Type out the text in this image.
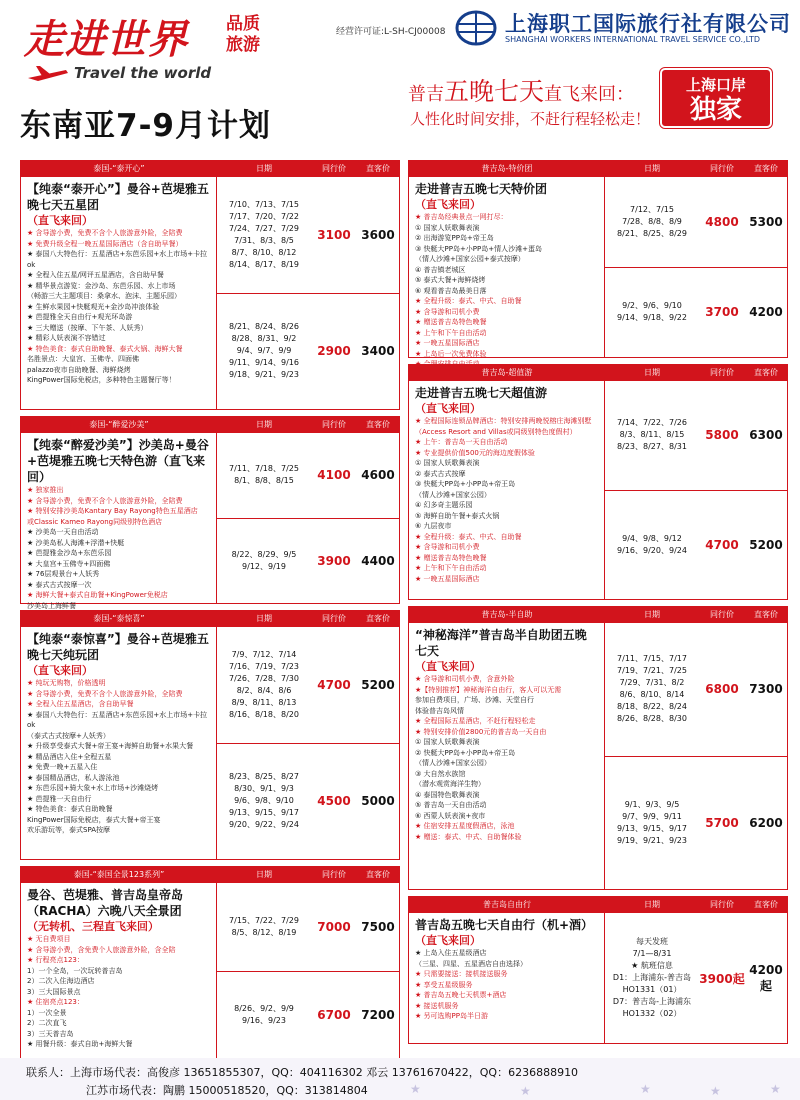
走进世界 品质
旅游
Travel the world
经营许可证:L-SH-CJ00008	上海职工国际旅行社有限公司
SHANGHAI WORKERS INTERNATIONAL TRAVEL SERVICE CO.,LTD
东南亚7-9月计划
普吉五晚七天直飞来回：
人性化时间安排，不赶行程轻松走！
上海口岸
独家
泰国-“泰开心”	日期	同行价	直客价
【纯泰“泰开心”】曼谷+芭堤雅五晚七天五星团
（直飞来回）
★ 含导游小费，免费不含个人旅游意外险，全陪费
★ 免费升级全程一晚五星国际酒店（含自助早餐）
★ 泰国八大特色行：五星酒店+东芭乐园+水上市场+卡拉ok
★ 全程入住五星/网评五星酒店，含自助早餐
★ 精华景点游览：金沙岛、东芭乐园、水上市场
（畅游三大主题项目：桑拿水、泡沫、主题乐园）
★ 生鲜水果园+快艇观光+金沙岛冲浪体验
★ 芭提雅全天自由行+观光环岛游
★ 三大赠送（按摩、下午茶、人妖秀）
★ 精彩人妖表演不容错过
★ 特色美食：泰式自助晚餐、泰式火锅、海鲜大餐
名胜景点：大皇宫、玉佛寺、四面佛
palazzo夜市自助晚餐、海鲜烧烤
KingPower国际免税店，多种特色主题餐厅等！
7/10、7/13、7/15
7/17、7/20、7/22
7/24、7/27、7/29
7/31、8/3、8/5
8/7、8/10、8/12
8/14、8/17、8/19
3100 3600
8/21、8/24、8/26
8/28、8/31、9/2
9/4、9/7、9/9
9/11、9/14、9/16
9/18、9/21、9/23
2900 3400
泰国-“醉爱沙美”	日期	同行价	直客价
【纯泰“醉爱沙美”】沙美岛+曼谷+芭堤雅五晚七天特色游（直飞来回）
★ 独家推出
★ 含导游小费，免费不含个人旅游意外险，全陪费
★ 特别安排沙美岛Kantary Bay Rayong特色五星酒店
或Classic Kameo Rayong同级别特色酒店
★ 沙美岛一天自由活动
★ 沙美岛私人海滩+浮潜+快艇
★ 芭提雅金沙岛+东芭乐园
★ 大皇宫+玉佛寺+四面佛
★ 76层观景台+人妖秀
★ 泰式古式按摩一次
★ 海鲜大餐+泰式自助餐+KingPower免税店
沙美岛上海鲜餐
7/11、7/18、7/25
8/1、8/8、8/15	4100 4600
8/22、8/29、9/5
9/12、9/19	3900 4400
泰国-“泰惊喜”	日期	同行价	直客价
【纯泰“泰惊喜”】曼谷+芭堤雅五晚七天纯玩团
（直飞来回）
★ 纯玩无购物，价格透明
★ 含导游小费，免费不含个人旅游意外险，全陪费
★ 全程入住五星酒店，含自助早餐
★ 泰国八大特色行：五星酒店+东芭乐园+水上市场+卡拉ok
（泰式古式按摩+人妖秀）
★ 升级享受泰式大餐+帝王宴+海鲜自助餐+水果大餐
★ 精品酒店入住+全程五星
★ 免费一晚+五星入住
★ 泰国精品酒店，私人游泳池
★ 东芭乐园+骑大象+水上市场+沙滩烧烤
★ 芭提雅一天自由行
★ 特色美食：泰式自助晚餐
KingPower国际免税店，泰式大餐+帝王宴
欢乐游玩等，泰式SPA按摩
7/9、7/12、7/14
7/16、7/19、7/23
7/26、7/28、7/30
8/2、8/4、8/6
8/9、8/11、8/13
8/16、8/18、8/20
4700 5200
8/23、8/25、8/27
8/30、9/1、9/3
9/6、9/8、9/10
9/13、9/15、9/17
9/20、9/22、9/24
4500 5000
泰国-“泰国全景123系列”	日期	同行价	直客价
曼谷、芭堤雅、普吉岛皇帝岛（RACHA）六晚八天全景团
（无转机、三程直飞来回）
★ 无自费项目
★ 含导游小费，含免费个人旅游意外险，含全陪
★ 行程亮点123：
1）一个全岛，一次玩转普吉岛
2）二次入住海边酒店
3）三大国际景点
★ 住宿亮点123：
1）一次全景
2）二次直飞
3）三天普吉岛
★ 用餐升级：泰式自助+海鲜大餐
7/15、7/22、7/29
8/5、8/12、8/19	7000 7500
8/26、9/2、9/9
9/16、9/23	6700 7200
普吉岛-特价团	日期	同行价	直客价
走进普吉五晚七天特价团
（直飞来回）
★ 普吉岛经典景点一网打尽：
① 国家人妖歌舞表演
② 出海游览PP岛+帝王岛
③ 快艇大PP岛+小PP岛+情人沙滩+蛋岛
（情人沙滩+国家公园+泰式按摩）
④ 普吉镇老城区
⑤ 泰式大餐+海鲜烧烤
⑥ 观看普吉岛最美日落
★ 全程升级：泰式、中式、自助餐
★ 含导游和司机小费
★ 赠送普吉岛特色晚餐
★ 上午和下午自由活动
★ 一晚五星国际酒店
★ 上岛后一次免费体验
★ 合理安排自由活动
7/12、7/15
7/28、8/8、8/9
8/21、8/25、8/29
4800 5300
9/2、9/6、9/10
9/14、9/18、9/22	3700 4200
普吉岛-超值游	日期	同行价	直客价
走进普吉五晚七天超值游
（直飞来回）
★ 全程国际连锁品牌酒店：特别安排两晚悦榕庄海滩别墅
（Access Resort and Villas或同级别特色度假村）
★ 上午：普吉岛一天自由活动
★ 专业提供价值500元的海边度假体验
① 国家人妖歌舞表演
② 泰式古式按摩
③ 快艇大PP岛+小PP岛+帝王岛
（情人沙滩+国家公园）
④ 幻多奇主题乐园
⑤ 海鲜自助午餐+泰式火锅
⑥ 九层夜市
★ 全程升级：泰式、中式、自助餐
★ 含导游和司机小费
★ 赠送普吉岛特色晚餐
★ 上午和下午自由活动
★ 一晚五星国际酒店
7/14、7/22、7/26
8/3、8/11、8/15
8/23、8/27、8/31
5800 6300
9/4、9/8、9/12
9/16、9/20、9/24	4700 5200
普吉岛-半自助	日期	同行价	直客价
“神秘海洋”普吉岛半自助团五晚七天
（直飞来回）
★ 含导游和司机小费，含意外险
★【特别推荐】神秘海洋自由行，客人可以无需
参加自费项目，广场、沙滩、天堂自行
体验普吉岛风情
★ 全程国际五星酒店，不赶行程轻松走
★ 特别安排价值2800元的普吉岛一天自由
① 国家人妖歌舞表演
② 快艇大PP岛+小PP岛+帝王岛
（情人沙滩+国家公园）
③ 大自然水族馆
（潜水观赏海洋生物）
④ 泰国特色歌舞表演
⑤ 普吉岛一天自由活动
⑥ 西蒙人妖表演+夜市
★ 住宿安排五星度假酒店，泳池
★ 赠送：泰式、中式、自助餐体验
7/11、7/15、7/17
7/19、7/21、7/25
7/29、7/31、8/2
8/6、8/10、8/14
8/18、8/22、8/24
8/26、8/28、8/30
6800 7300
9/1、9/3、9/5
9/7、9/9、9/11
9/13、9/15、9/17
9/19、9/21、9/23
5700 6200
普吉岛自由行	日期	同行价	直客价
普吉岛五晚七天自由行（机+酒）
（直飞来回）
★ 上岛入住五星级酒店
（三星、四星、五星酒店自由选择）
★ 只需要接送：接机接送服务
★ 享受五星级服务
★ 普吉岛五晚七天机票+酒店
★ 接送机服务
★ 另可选购PP岛半日游
每天发班
7/1—8/31
★ 航班信息
D1：上海浦东-普吉岛
HO1331（01）
D7：普吉岛-上海浦东
HO1332（02）
3900起
4200起
联系人：上海市场代表：高俊彦 13651855307，QQ：404116302 邓云 13761670422，QQ：6236888910
江苏市场代表：陶鹏 15000518520，QQ：313814804	★	★	★	★	★
